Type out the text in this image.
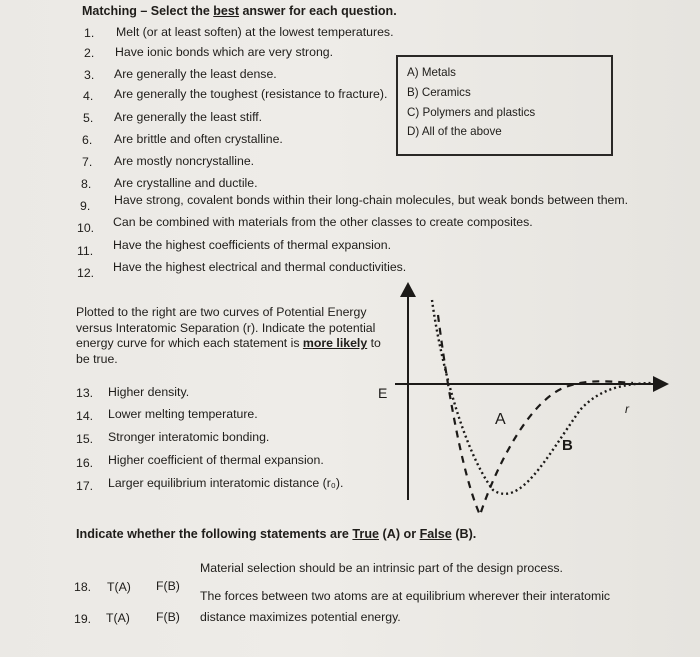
Matching – Select the best answer for each question.
1. Melt (or at least soften) at the lowest temperatures.
2. Have ionic bonds which are very strong.
3. Are generally the least dense.
4. Are generally the toughest (resistance to fracture).
5. Are generally the least stiff.
6. Are brittle and often crystalline.
7. Are mostly noncrystalline.
8. Are crystalline and ductile.
9. Have strong, covalent bonds within their long-chain molecules, but weak bonds between them.
10. Can be combined with materials from the other classes to create composites.
11. Have the highest coefficients of thermal expansion.
12. Have the highest electrical and thermal conductivities.
A) Metals
B) Ceramics
C) Polymers and plastics
D) All of the above
Plotted to the right are two curves of Potential Energy versus Interatomic Separation (r). Indicate the potential energy curve for which each statement is more likely to be true.
13. Higher density.
14. Lower melting temperature.
15. Stronger interatomic bonding.
16. Higher coefficient of thermal expansion.
17. Larger equilibrium interatomic distance (r₀).
E
r
A
B
Indicate whether the following statements are True (A) or False (B).
18. T(A) F(B)
Material selection should be an intrinsic part of the design process.
19. T(A) F(B)
The forces between two atoms are at equilibrium wherever their interatomic
distance maximizes potential energy.
